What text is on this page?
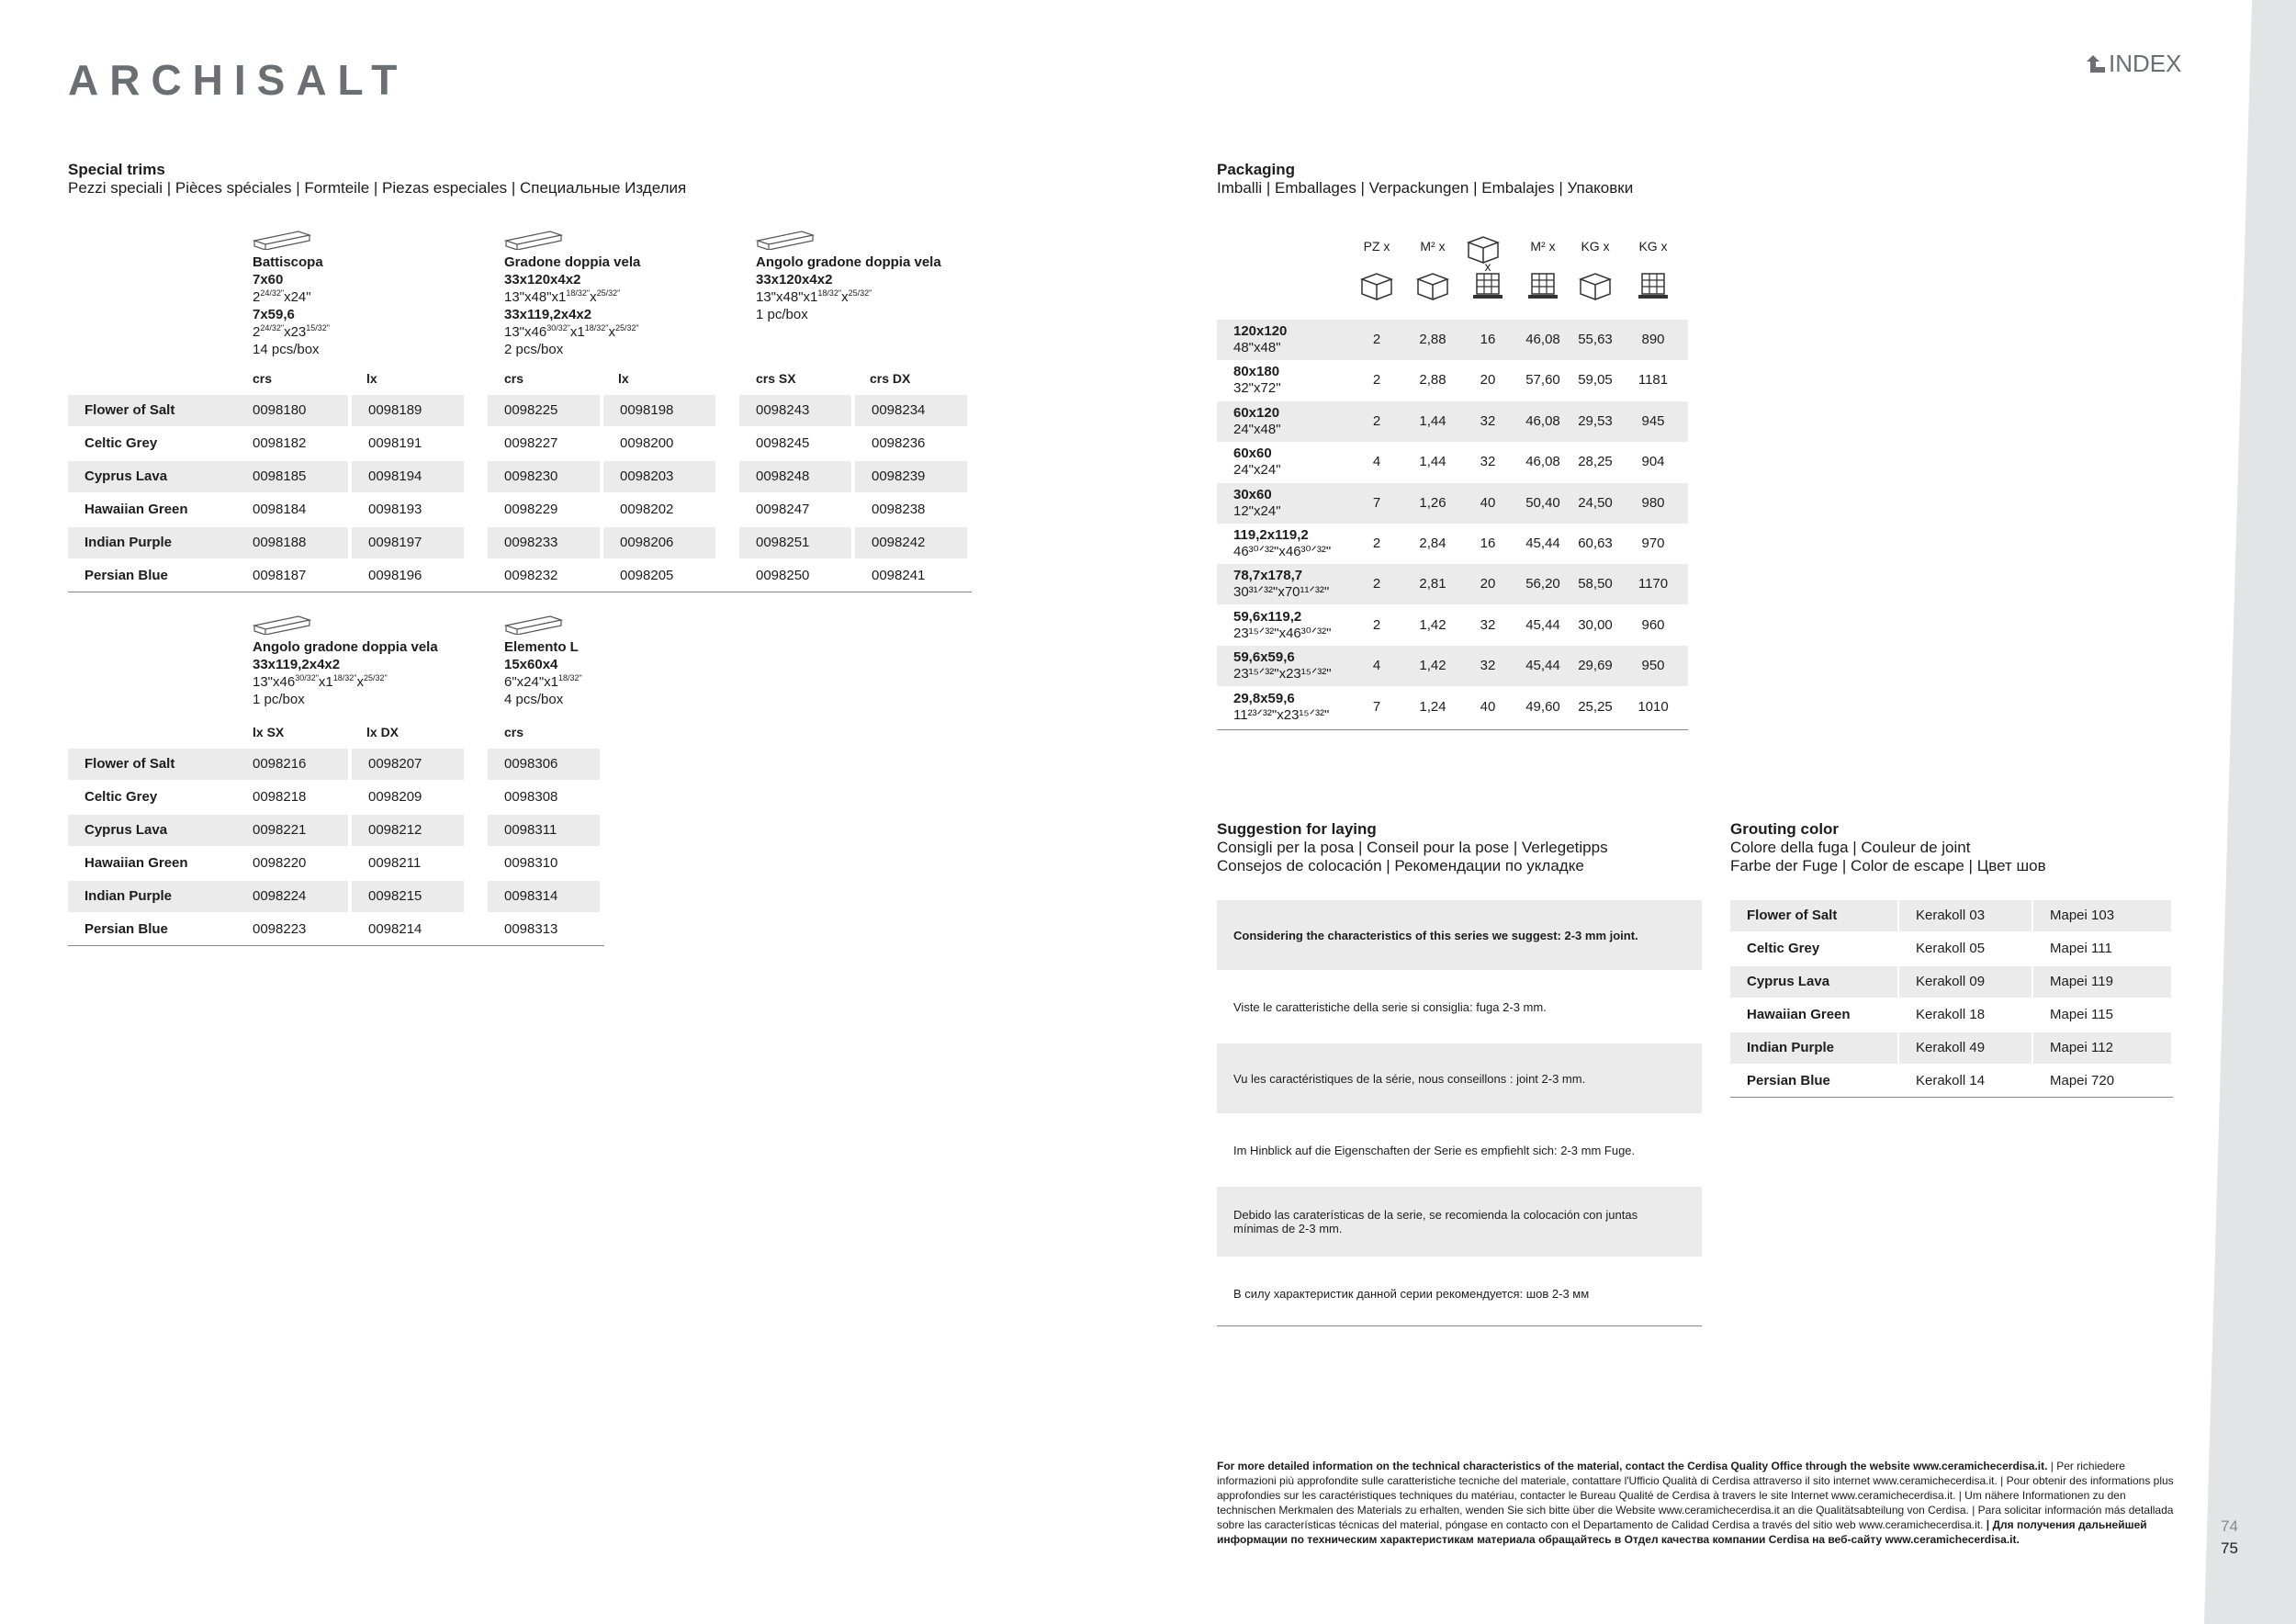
ARCHISALT	INDEX
74
75
Special trims
Pezzi speciali | Pièces spéciales | Formteile | Piezas especiales | Специальные Изделия
Packaging
Imballi | Emballages | Verpackungen | Embalajes | Упаковки
Suggestion for laying
Consigli per la posa | Conseil pour la pose | Verlegetipps
Consejos de colocación | Рекомендации по укладке
Grouting color
Colore della fuga | Couleur de joint
Farbe der Fuge | Color de escape | Цвет шов
For more detailed information on the technical characteristics of the material, contact the Cerdisa Quality Office through the website www.ceramichecerdisa.it. | Per richiedere informazioni più approfondite sulle caratteristiche tecniche del materiale, contattare l'Ufficio Qualità di Cerdisa attraverso il sito internet www.ceramichecerdisa.it. | Pour obtenir des informations plus approfondies sur les caractéristiques techniques du matériau, contacter le Bureau Qualité de Cerdisa à travers le site Internet www.ceramichecerdisa.it. | Um nähere Informationen zu den technischen Merkmalen des Materials zu erhalten, wenden Sie sich bitte über die Website www.ceramichecerdisa.it an die Qualitätsabteilung von Cerdisa. | Para solicitar información más detallada sobre las características técnicas del material, póngase en contacto con el Departamento de Calidad Cerdisa a través del sitio web www.ceramichecerdisa.it. | Для получения дальнейшей информации по техническим характеристикам материала обращайтесь в Отдел качества компании Cerdisa на веб-сайту www.ceramichecerdisa.it.
Battiscopa
7x60
$2^{24/32"}x24$"
7x59,6
$2^{24/32"}x23^{15/32"}$
14 pcs/box
crs	lx
Gradone doppia vela
33x120x4x2
$13"x48"x1^{18/32"}x^{25/32"}$
33x119,2x4x2
$13"x46^{30/32"}x1^{18/32"}x^{25/32"}$
2 pcs/box
crs	lx
Angolo gradone doppia vela
33x120x4x2
$13"x48"x1^{18/32"}x^{25/32"}$
1 pc/box
crs SX	crs DX
Flower of Salt	0098180	0098189	0098225	0098198	0098243	0098234
Celtic Grey	0098182	0098191	0098227	0098200	0098245	0098236
Cyprus Lava	0098185	0098194	0098230	0098203	0098248	0098239
Hawaiian Green	0098184	0098193	0098229	0098202	0098247	0098238
Indian Purple	0098188	0098197	0098233	0098206	0098251	0098242
Persian Blue	0098187	0098196	0098232	0098205	0098250	0098241
Angolo gradone doppia vela
33x119,2x4x2
$13"x46^{30/32"}x1^{18/32"}x^{25/32"}$
1 pc/box
lx SX	lx DX
Elemento L
15x60x4
$6"x24"x1^{18/32"}$
4 pcs/box
crs
Flower of Salt	0098216	0098207	0098306
Celtic Grey	0098218	0098209	0098308
Cyprus Lava	0098221	0098212	0098311
Hawaiian Green	0098220	0098211	0098310
Indian Purple	0098224	0098215	0098314
Persian Blue	0098223	0098214	0098313
PZ x	M² x
x
M² x	KG x	KG x
120x120
48"x48"
2	2,88	16	46,08	55,63	890
80x180
32"x72"
2	2,88	20	57,60	59,05	1181
60x120
24"x48"
2	1,44	32	46,08	29,53	945
60x60
24"x24"
4	1,44	32	46,08	28,25	904
30x60
12"x24"
7	1,26	40	50,40	24,50	980
119,2x119,2
46³⁰ᐟ³²"x46³⁰ᐟ³²"
2	2,84	16	45,44	60,63	970
78,7x178,7
30³¹ᐟ³²"x70¹¹ᐟ³²"
2	2,81	20	56,20	58,50	1170
59,6x119,2
23¹⁵ᐟ³²"x46³⁰ᐟ³²"
2	1,42	32	45,44	30,00	960
59,6x59,6
23¹⁵ᐟ³²"x23¹⁵ᐟ³²"
4	1,42	32	45,44	29,69	950
29,8x59,6
11²³ᐟ³²"x23¹⁵ᐟ³²"
7	1,24	40	49,60	25,25	1010
Considering the characteristics of this series we suggest: 2-3 mm joint.
Viste le caratteristiche della serie si consiglia: fuga 2-3 mm.
Vu les caractéristiques de la série, nous conseillons : joint 2-3 mm.
Im Hinblick auf die Eigenschaften der Serie es empfiehlt sich: 2-3 mm Fuge.
Debido las caraterísticas de la serie, se recomienda la colocación con juntas mínimas de 2-3 mm.
В силу характеристик данной серии рекомендуется: шов 2-3 мм
Flower of Salt	Kerakoll 03	Mapei 103
Celtic Grey	Kerakoll 05	Mapei 111
Cyprus Lava	Kerakoll 09	Mapei 119
Hawaiian Green	Kerakoll 18	Mapei 115
Indian Purple	Kerakoll 49	Mapei 112
Persian Blue	Kerakoll 14	Mapei 720
